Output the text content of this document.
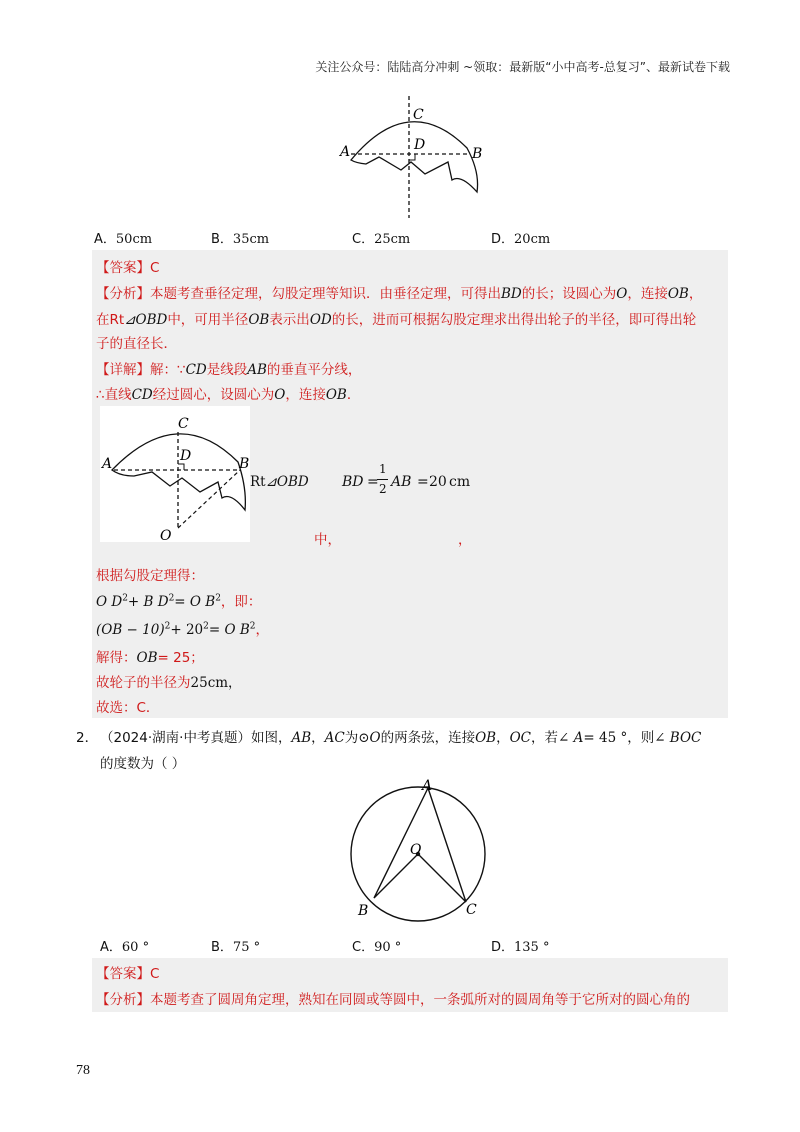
关注公众号：陆陆高分冲刺 ~领取：最新版“小中高考-总复习”、最新试卷下载
C
D
A	B
A．50cm	B．35cm	C．25cm	D．20cm
【答案】C
【分析】本题考查垂径定理，勾股定理等知识．由垂径定理，可得出BD的长；设圆心为O，连接OB，
在Rt⊿OBD中，可用半径OB表示出OD的长，进而可根据勾股定理求出得出轮子的半径，即可得出轮
子的直径长．
【详解】解：∵CD是线段AB的垂直平分线，
∴直线CD经过圆心，设圆心为O，连接OB．
Rt⊿OBD BD =
1
2 AB = 20 cm
中，	，
根据勾股定理得：
O $D^2+ B$ $D^2= O$ $B^2$，即：
$(OB - 10)^2+ 20^2= O$ $B^2$，
解得：OB= 25；
故轮子的半径为25cm，
故选：C．
C
D
A	B
O
2． （2024·湖南·中考真题）如图，AB，AC为⊙O的两条弦，连接OB，OC，若∠ A= 45 °，则∠ BOC
的度数为（ ）
A
O
B	C
A．60 °	B．75 °	C．90 °	D．135 °
【答案】C
【分析】本题考查了圆周角定理，熟知在同圆或等圆中，一条弧所对的圆周角等于它所对的圆心角的
78
